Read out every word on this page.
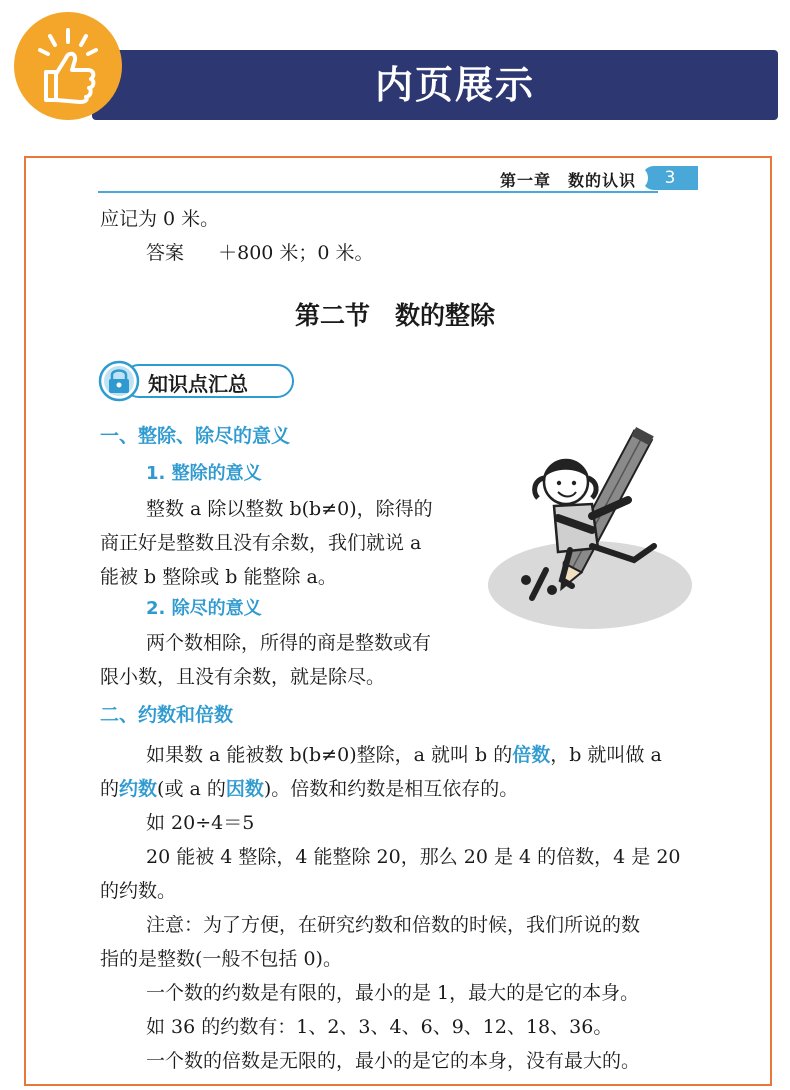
内页展示
第一章　数的认识	3
应记为 0 米。
答案 ＋800 米；0 米。
第二节　数的整除
知识点汇总
一、整除、除尽的意义
1. 整除的意义
整数 a 除以整数 b(b≠0)，除得的
商正好是整数且没有余数，我们就说 a
能被 b 整除或 b 能整除 a。
2. 除尽的意义
两个数相除，所得的商是整数或有
限小数，且没有余数，就是除尽。
二、约数和倍数
如果数 a 能被数 b(b≠0)整除，a 就叫 b 的倍数，b 就叫做 a
的约数(或 a 的因数)。倍数和约数是相互依存的。
如 20÷4＝5
20 能被 4 整除，4 能整除 20，那么 20 是 4 的倍数，4 是 20
的约数。
注意：为了方便，在研究约数和倍数的时候，我们所说的数
指的是整数(一般不包括 0)。
一个数的约数是有限的，最小的是 1，最大的是它的本身。
如 36 的约数有：1、2、3、4、6、9、12、18、36。
一个数的倍数是无限的，最小的是它的本身，没有最大的。
